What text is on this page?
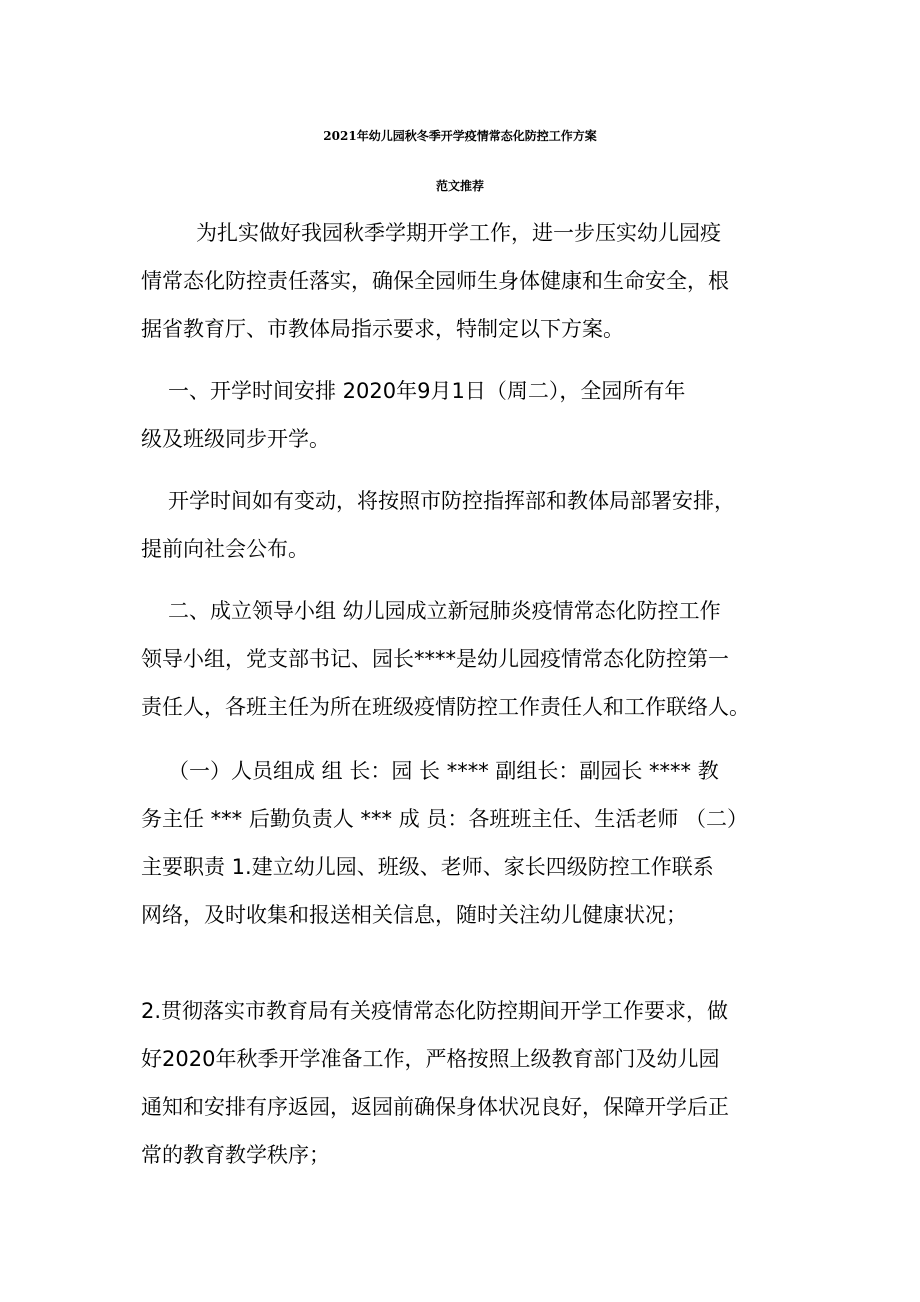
2021年幼儿园秋冬季开学疫情常态化防控工作方案
范文推荐
为扎实做好我园秋季学期开学工作，进一步压实幼儿园疫
情常态化防控责任落实，确保全园师生身体健康和生命安全，根
据省教育厅、市教体局指示要求，特制定以下方案。
一、开学时间安排 2020年9月1日（周二），全园所有年
级及班级同步开学。
开学时间如有变动，将按照市防控指挥部和教体局部署安排，
提前向社会公布。
二、成立领导小组 幼儿园成立新冠肺炎疫情常态化防控工作
领导小组，党支部书记、园长****是幼儿园疫情常态化防控第一
责任人，各班主任为所在班级疫情防控工作责任人和工作联络人。
（一）人员组成 组 长：园 长 **** 副组长：副园长 **** 教
务主任 *** 后勤负责人 *** 成 员：各班班主任、生活老师 （二）
主要职责 1.建立幼儿园、班级、老师、家长四级防控工作联系
网络，及时收集和报送相关信息，随时关注幼儿健康状况；
2.贯彻落实市教育局有关疫情常态化防控期间开学工作要求，做
好2020年秋季开学准备工作，严格按照上级教育部门及幼儿园
通知和安排有序返园，返园前确保身体状况良好，保障开学后正
常的教育教学秩序；
